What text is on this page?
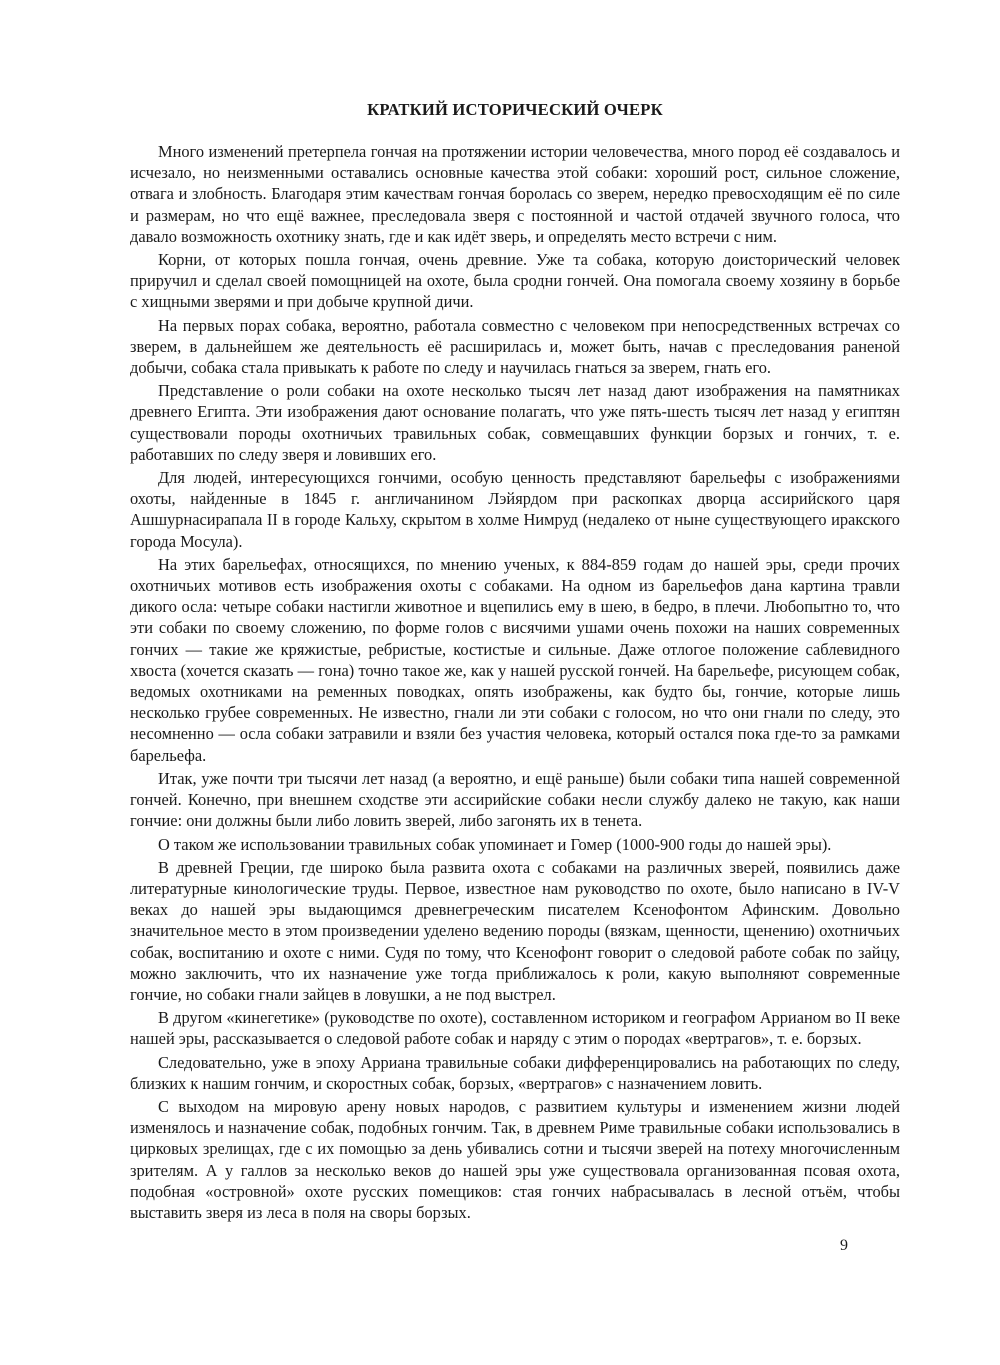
КРАТКИЙ ИСТОРИЧЕСКИЙ ОЧЕРК

Много изменений претерпела гончая на протяжении истории человечества, много пород её создавалось и исчезало, но неизменными оставались основные качества этой собаки: хороший рост, сильное сложение, отвага и злобность. Благодаря этим качествам гончая боролась со зверем, нередко превосходящим её по силе и размерам, но что ещё важнее, преследовала зверя с постоянной и частой отдачей звучного голоса, что давало возможность охотнику знать, где и как идёт зверь, и определять место встречи с ним.

Корни, от которых пошла гончая, очень древние. Уже та собака, которую доисторический человек приручил и сделал своей помощницей на охоте, была сродни гончей. Она помогала своему хозяину в борьбе с хищными зверями и при добыче крупной дичи.

На первых порах собака, вероятно, работала совместно с человеком при непосредственных встречах со зверем, в дальнейшем же деятельность её расширилась и, может быть, начав с преследования раненой добычи, собака стала привыкать к работе по следу и научилась гнаться за зверем, гнать его.

Представление о роли собаки на охоте несколько тысяч лет назад дают изображения на памятниках древнего Египта. Эти изображения дают основание полагать, что уже пять-шесть тысяч лет назад у египтян существовали породы охотничьих травильных собак, совмещавших функции борзых и гончих, т. е. работавших по следу зверя и ловивших его.

Для людей, интересующихся гончими, особую ценность представляют барельефы с изображениями охоты, найденные в 1845 г. англичанином Лэйярдом при раскопках дворца ассирийского царя Ашшурнасирапала II в городе Кальху, скрытом в холме Нимруд (недалеко от ныне существующего иракского города Мосула).

На этих барельефах, относящихся, по мнению ученых, к 884-859 годам до нашей эры, среди прочих охотничьих мотивов есть изображения охоты с собаками. На одном из барельефов дана картина травли дикого осла: четыре собаки настигли животное и вцепились ему в шею, в бедро, в плечи. Любопытно то, что эти собаки по своему сложению, по форме голов с висячими ушами очень похожи на наших современных гончих — такие же кряжистые, ребристые, костистые и сильные. Даже отлогое положение саблевидного хвоста (хочется сказать — гона) точно такое же, как у нашей русской гончей. На барельефе, рисующем собак, ведомых охотниками на ременных поводках, опять изображены, как будто бы, гончие, которые лишь несколько грубее современных. Не известно, гнали ли эти собаки с голосом, но что они гнали по следу, это несомненно — осла собаки затравили и взяли без участия человека, который остался пока где-то за рамками барельефа.

Итак, уже почти три тысячи лет назад (а вероятно, и ещё раньше) были собаки типа нашей современной гончей. Конечно, при внешнем сходстве эти ассирийские собаки несли службу далеко не такую, как наши гончие: они должны были либо ловить зверей, либо загонять их в тенета.

О таком же использовании травильных собак упоминает и Гомер (1000-900 годы до нашей эры).

В древней Греции, где широко была развита охота с собаками на различных зверей, появились даже литературные кинологические труды. Первое, известное нам руководство по охоте, было написано в IV-V веках до нашей эры выдающимся древнегреческим писателем Ксенофонтом Афинским. Довольно значительное место в этом произведении уделено ведению породы (вязкам, щенности, щенению) охотничьих собак, воспитанию и охоте с ними. Судя по тому, что Ксенофонт говорит о следовой работе собак по зайцу, можно заключить, что их назначение уже тогда приближалось к роли, какую выполняют современные гончие, но собаки гнали зайцев в ловушки, а не под выстрел.

В другом «кинегетике» (руководстве по охоте), составленном историком и географом Аррианом во II веке нашей эры, рассказывается о следовой работе собак и наряду с этим о породах «вертрагов», т. е. борзых.

Следовательно, уже в эпоху Арриана травильные собаки дифференцировались на работающих по следу, близких к нашим гончим, и скоростных собак, борзых, «вертрагов» с назначением ловить.

С выходом на мировую арену новых народов, с развитием культуры и изменением жизни людей изменялось и назначение собак, подобных гончим. Так, в древнем Риме травильные собаки использовались в цирковых зрелищах, где с их помощью за день убивались сотни и тысячи зверей на потеху многочисленным зрителям. А у галлов за несколько веков до нашей эры уже существовала организованная псовая охота, подобная «островной» охоте русских помещиков: стая гончих набрасывалась в лесной отъём, чтобы выставить зверя из леса в поля на своры борзых.

9
